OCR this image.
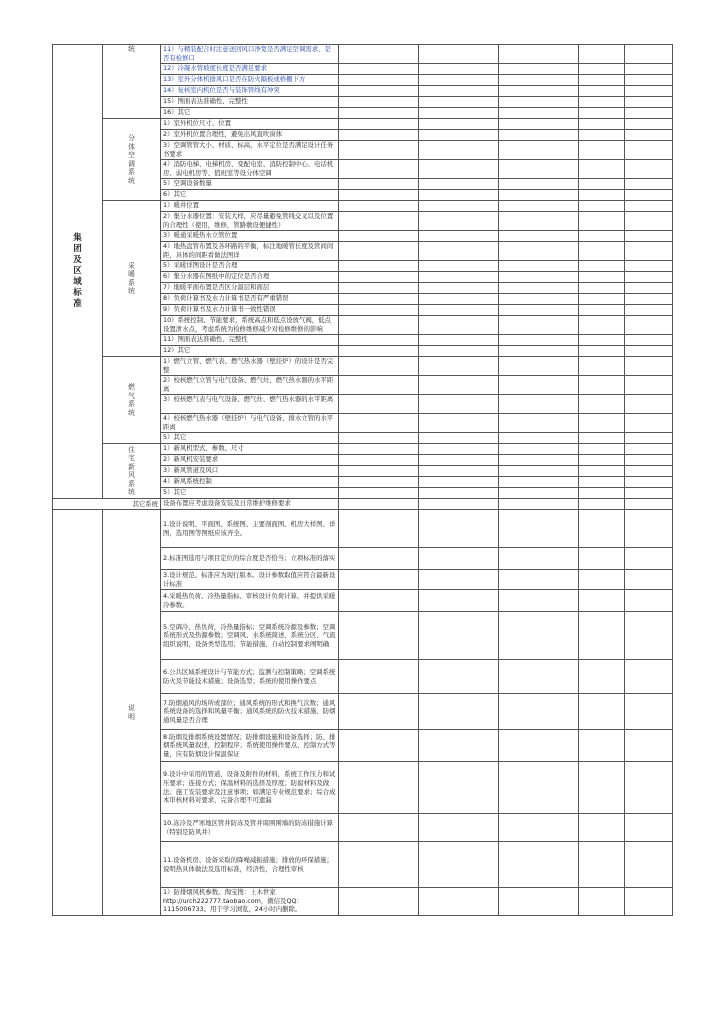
集团及区域标准	统	11）与精装配合时注意送回风口净宽是否满足空调需求，是否有检修口					
		12）冷凝水管坡度长度是否满足要求					
		13）室外分体机排风口是否在防火隔板或格栅下方					
		14）复核室内机位是否与装饰管线有冲突					
		15）图面表达准确性、完整性					
		16）其它					

	分体空调系统	1）室外机位尺寸、位置					
		2）室外机位置合理性，避免出风直吹窗体					
		3）空调管管大小、材质、标高，水平定位是否满足设计任务书要求					
		4）消防电梯、电梯机房、变配电室、消防控制中心、电话机房、弱电机房等、值班室等设分体空调					
		5）空调设备数量					
		6）其它					

	采暖系统	1）暖井位置					
		2）集分水器位置：安装大样，应尽量避免管线交叉以及位置的合理性（使用，维修，管路敷设便捷性）					
		3）暖通采暖热水立管位置					
		4）地热盘管布置及各环路的平衡，标注地暖管长度及管间间距，具体的间距看做法图详					
		5）采暖详图设计是否合理					
		6）集分水器在图纸中的定位是否合理					
		7）地暖平面布置是否区分温层和面层					
		8）负荷计算书及水力计算书是否有严重错误					
		9）负荷计算书及水力计算书一致性错误					
		10）系统控制、节能要求，系统高点和低点设放气阀，低点设置泄水点，考虑系统为检修维修减少对检修维修的影响					
		11）图面表达准确性、完整性					
		12）其它					

	燃气系统	1）燃气立管、燃气表、燃气热水器（壁挂炉）的设计是否完整					
		2）校核燃气立管与电气设备、燃气灶、燃气热水器的水平距离					
		3）校核燃气表与电气设备、燃气灶、燃气热水器的水平距离					
		4）校核燃气热水器（壁挂炉）与电气设备、排水立管的水平距离					
		5）其它					

	住宅新风系统	1）新风机型式、参数、尺寸					
		2）新风机安装要求					
		3）新风管道及风口					
		4）新风系统控制					
		5）其它					
其它系统		设备布置应考虑设备安装及日常维护维修要求					

	说明	1.设计说明、平面图、系统图、主要剖面图、机房大样图、详图，选用图等图纸应该齐全。					
		2.标准图选用与项目定位的综合度是否恰当；立项标准的落实					
		3.设计规范、标准应为现行版本。设计参数取值应符合最新设计标准					
		4.采暖热负荷、冷热量指标、审核设计负荷计算，并提供采暖冷参数。					
		5.空调冷、热负荷，冷热量指标；空调系统冷源及参数；空调系统形式及热源参数；空调风、水系统简述，系统分区、气流组织说明，设备类型选用；节能措施、自动控制要求阐明确					
		6.公共区域系统设计与节能方式；监测与控制策略；空调系统防火及节能技术措施；设备选型；系统的使用操作要点					
		7.防烟通风的场所或部位；通风系统的形式和换气次数；通风系统设备的选择和风量平衡；通风系统的防火技术措施、防烟通风量是否合理					
		8.防烟及排烟系统设置情况；防排烟设施和设备选择；防、排烟系统风量叙述，控制程序；系统使用操作要点、控制方式等量，应有防烟设计保温保证					
		9.设计中采用的管道、设备及附件的材料，系统工作压力和试压要求；连接方式；保温材料的选择及厚度；防腐材料及做法；施工安装要求及注意事项；如满足专业规范要求；综合成本审核材料对要求，完备合理不可遗漏					
		10.冻冷及严寒地区管井防冻及管井周围围墙的防冻措施计算（特别是防风井）					
		11.设备机房、设备采取的降噪减振措施；排放的环保措施；说明热具体做法及选用标准，经济性，合理性审核					
		1）防排烟风机参数。淘宝搜：上木世家 http://urch222777.taobao.com，微信及QQ：1115006733。用于学习浏览，24小时内删除。					
